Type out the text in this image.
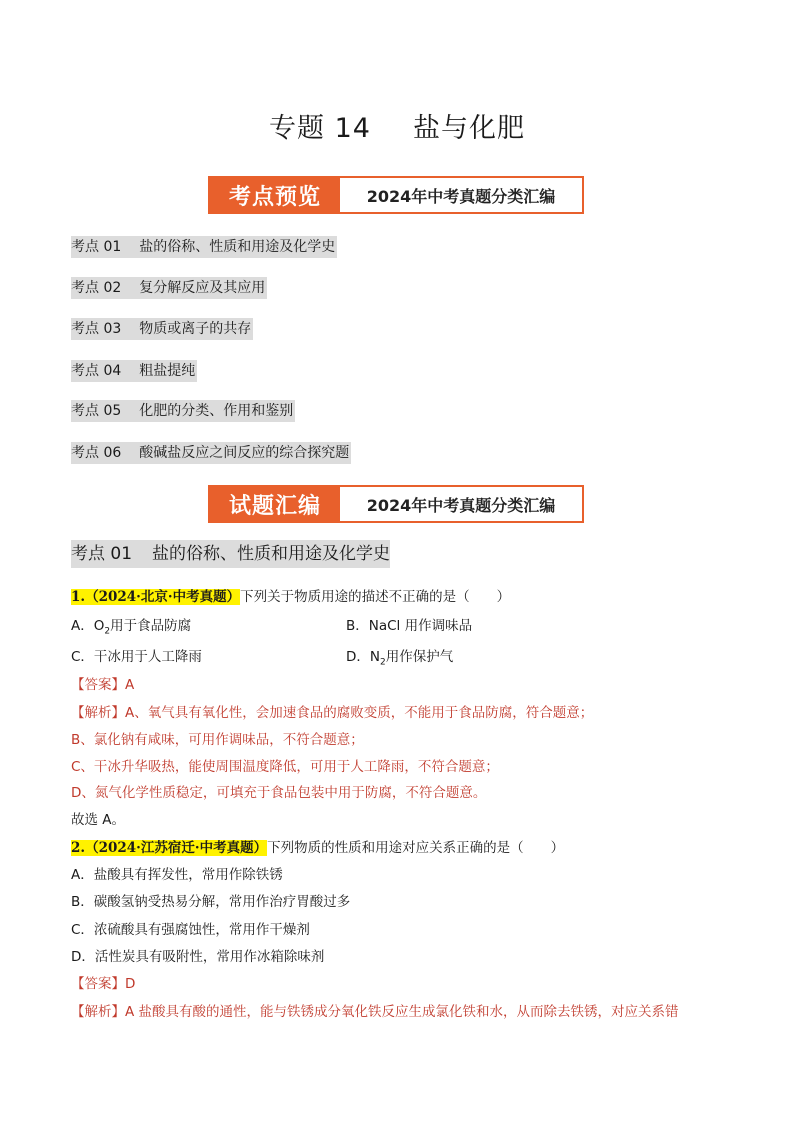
专题 14 盐与化肥
考点预览	2024年中考真题分类汇编
考点 01	盐的俗称、性质和用途及化学史
考点 02	复分解反应及其应用
考点 03	物质或离子的共存
考点 04	粗盐提纯
考点 05	化肥的分类、作用和鉴别
考点 06	酸碱盐反应之间反应的综合探究题
试题汇编	2024年中考真题分类汇编
考点 01	盐的俗称、性质和用途及化学史
1.（2024·北京·中考真题）下列关于物质用途的描述不正确的是（　　）
A．$O_2$用于食品防腐	B．NaCl 用作调味品
C．干冰用于人工降雨	D．$N_2$用作保护气
【答案】A
【解析】A、氧气具有氧化性，会加速食品的腐败变质，不能用于食品防腐，符合题意；
B、氯化钠有咸味，可用作调味品，不符合题意；
C、干冰升华吸热，能使周围温度降低，可用于人工降雨，不符合题意；
D、氮气化学性质稳定，可填充于食品包装中用于防腐，不符合题意。
故选 A。
2.（2024·江苏宿迁·中考真题）下列物质的性质和用途对应关系正确的是（　　）
A．盐酸具有挥发性，常用作除铁锈
B．碳酸氢钠受热易分解，常用作治疗胃酸过多
C．浓硫酸具有强腐蚀性，常用作干燥剂
D．活性炭具有吸附性，常用作冰箱除味剂
【答案】D
【解析】A 盐酸具有酸的通性，能与铁锈成分氧化铁反应生成氯化铁和水，从而除去铁锈，对应关系错
